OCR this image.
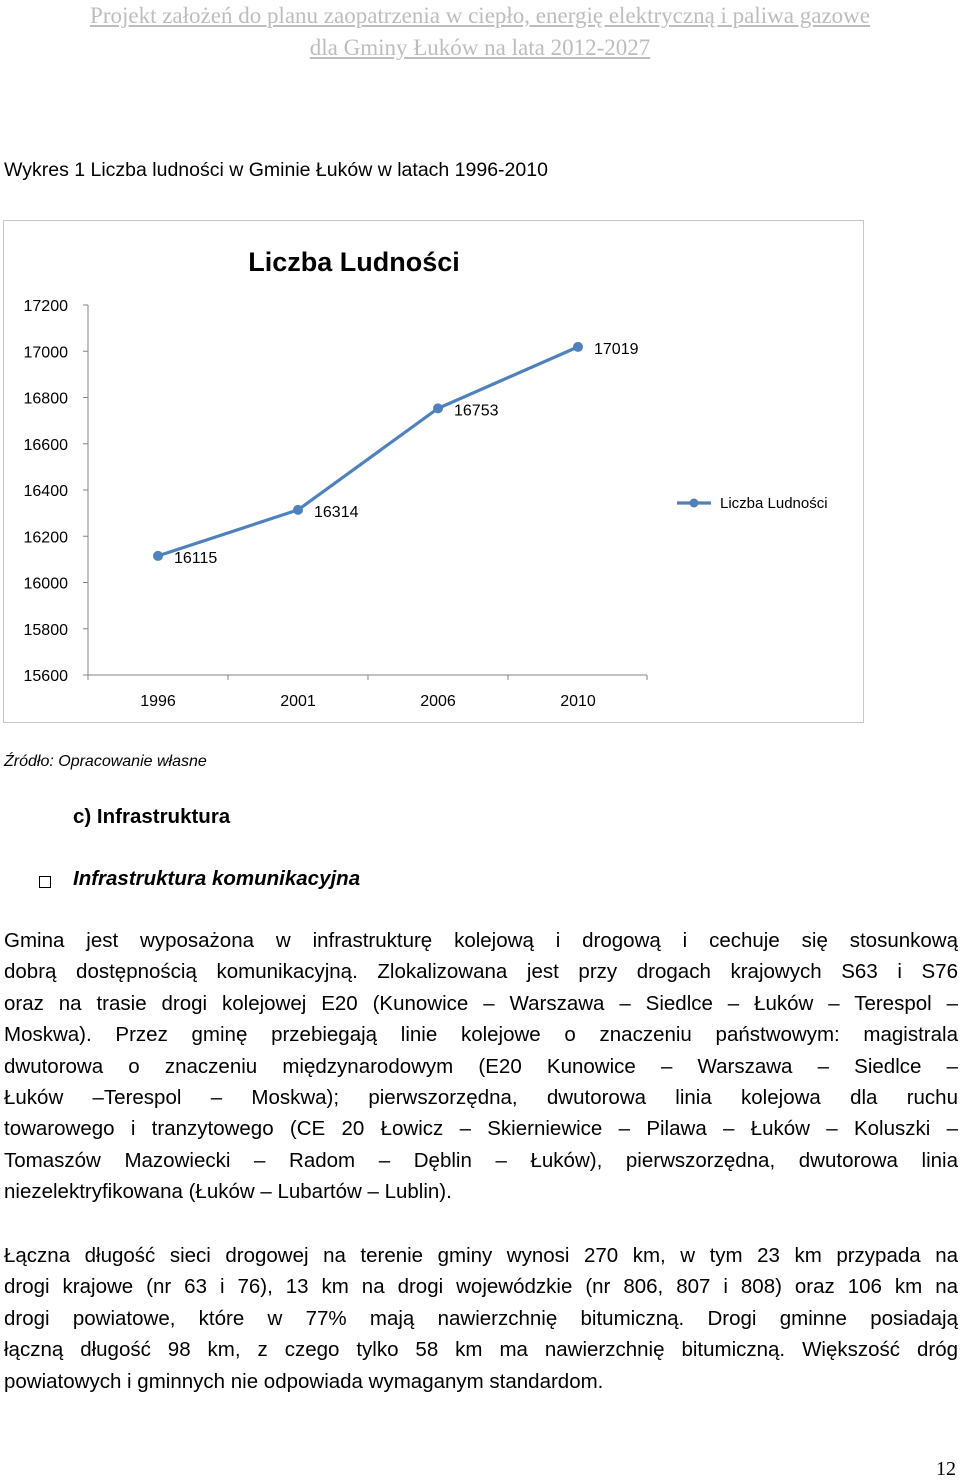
Projekt założeń do planu zaopatrzenia w ciepło, energię elektryczną i paliwa gazowe
dla Gminy Łuków na lata 2012-2027
Wykres 1 Liczba ludności w Gminie Łuków w latach 1996-2010
Liczba Ludności
17200
17000
16800
16600
16400
16200
16000
15800
15600
1996	2001	2006	2010
16115
16314
16753
17019
Liczba Ludności
Źródło: Opracowanie własne
c) Infrastruktura
Infrastruktura komunikacyjna
Gmina jest wyposażona w infrastrukturę kolejową i drogową i cechuje się stosunkową
dobrą dostępnością komunikacyjną. Zlokalizowana jest przy drogach krajowych S63 i S76
oraz na trasie drogi kolejowej E20 (Kunowice – Warszawa – Siedlce – Łuków – Terespol –
Moskwa). Przez gminę przebiegają linie kolejowe o znaczeniu państwowym: magistrala
dwutorowa o znaczeniu międzynarodowym (E20 Kunowice – Warszawa – Siedlce –
Łuków –Terespol – Moskwa); pierwszorzędna, dwutorowa linia kolejowa dla ruchu
towarowego i tranzytowego (CE 20 Łowicz – Skierniewice – Pilawa – Łuków – Koluszki –
Tomaszów Mazowiecki – Radom – Dęblin – Łuków), pierwszorzędna, dwutorowa linia
niezelektryfikowana (Łuków – Lubartów – Lublin).
Łączna długość sieci drogowej na terenie gminy wynosi 270 km, w tym 23 km przypada na
drogi krajowe (nr 63 i 76), 13 km na drogi wojewódzkie (nr 806, 807 i 808) oraz 106 km na
drogi powiatowe, które w 77% mają nawierzchnię bitumiczną. Drogi gminne posiadają
łączną długość 98 km, z czego tylko 58 km ma nawierzchnię bitumiczną. Większość dróg
powiatowych i gminnych nie odpowiada wymaganym standardom.
12
